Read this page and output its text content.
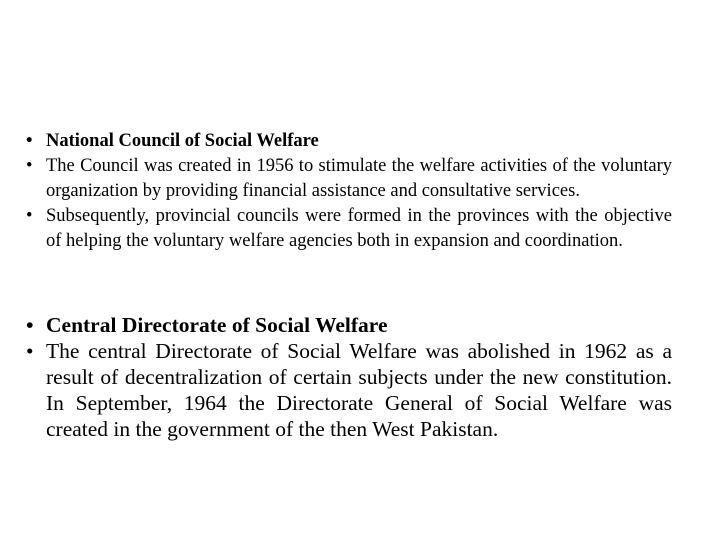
• National Council of Social Welfare
• The Council was created in 1956 to stimulate the welfare activities of the voluntary organization by providing financial assistance and consultative services.
• Subsequently, provincial councils were formed in the provinces with the objective of helping the voluntary welfare agencies both in expansion and coordination.
• Central Directorate of Social Welfare
• The central Directorate of Social Welfare was abolished in 1962 as a result of decentralization of certain subjects under the new constitution. In September, 1964 the Directorate General of Social Welfare was created in the government of the then West Pakistan.
